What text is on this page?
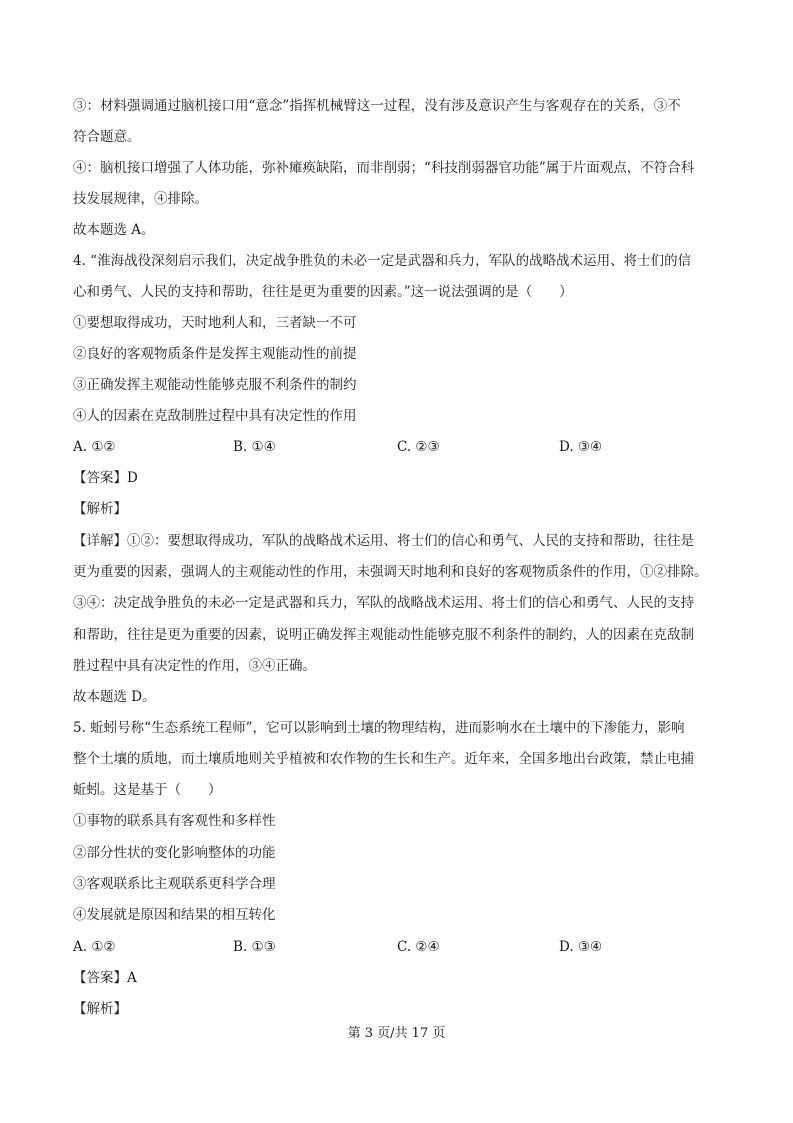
③：材料强调通过脑机接口用“意念”指挥机械臂这一过程，没有涉及意识产生与客观存在的关系，③不
符合题意。
④：脑机接口增强了人体功能，弥补瘫痪缺陷，而非削弱；“科技削弱器官功能”属于片面观点，不符合科
技发展规律，④排除。
故本题选 A。
4. “淮海战役深刻启示我们，决定战争胜负的未必一定是武器和兵力，军队的战略战术运用、将士们的信
心和勇气、人民的支持和帮助，往往是更为重要的因素。”这一说法强调的是（　　）
①要想取得成功，天时地利人和，三者缺一不可
②良好的客观物质条件是发挥主观能动性的前提
③正确发挥主观能动性能够克服不利条件的制约
④人的因素在克敌制胜过程中具有决定性的作用
A. ①②	B. ①④	C. ②③	D. ③④
【答案】D
【解析】
【详解】①②：要想取得成功，军队的战略战术运用、将士们的信心和勇气、人民的支持和帮助，往往是
更为重要的因素，强调人的主观能动性的作用，未强调天时地利和良好的客观物质条件的作用，①②排除。
③④：决定战争胜负的未必一定是武器和兵力，军队的战略战术运用、将士们的信心和勇气、人民的支持
和帮助，往往是更为重要的因素，说明正确发挥主观能动性能够克服不利条件的制约，人的因素在克敌制
胜过程中具有决定性的作用，③④正确。
故本题选 D。
5. 蚯蚓号称“生态系统工程师”，它可以影响到土壤的物理结构，进而影响水在土壤中的下渗能力，影响
整个土壤的质地，而土壤质地则关乎植被和农作物的生长和生产。近年来，全国多地出台政策，禁止电捕
蚯蚓。这是基于（　　）
①事物的联系具有客观性和多样性
②部分性状的变化影响整体的功能
③客观联系比主观联系更科学合理
④发展就是原因和结果的相互转化
A. ①②	B. ①③	C. ②④	D. ③④
【答案】A
【解析】
第 3 页/共 17 页
